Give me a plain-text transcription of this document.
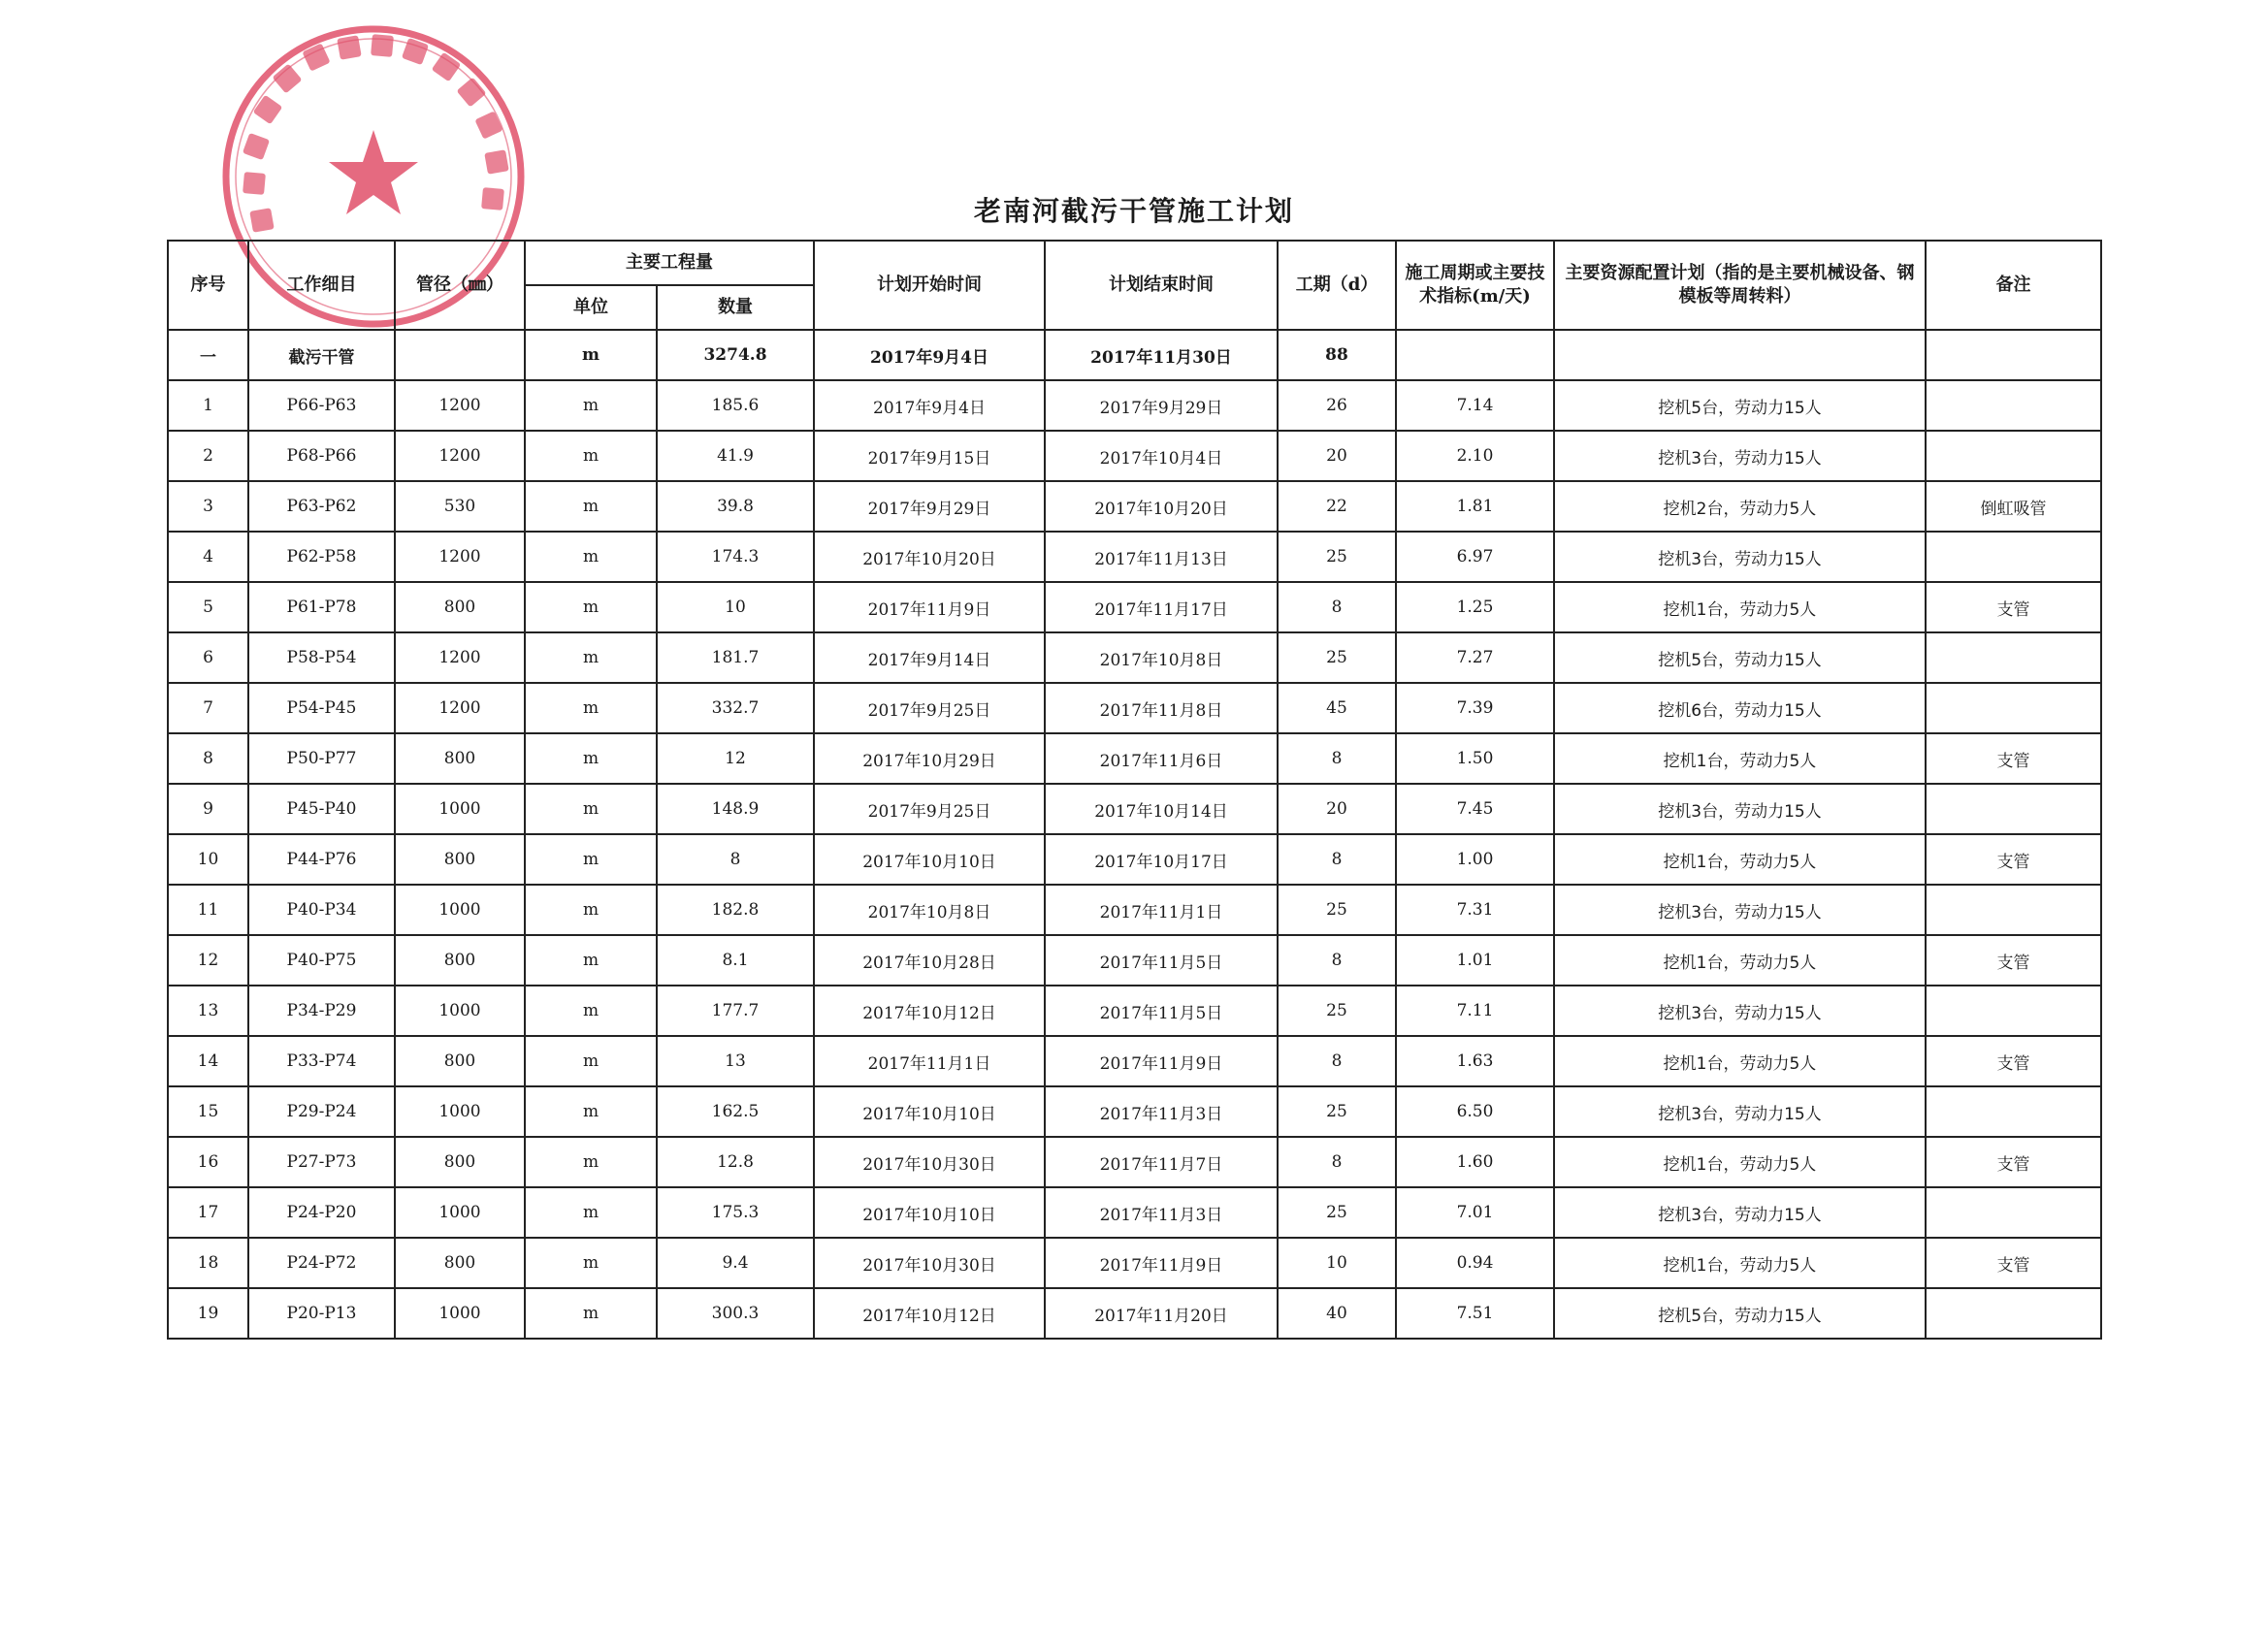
老南河截污干管施工计划
序号	工作细目	管径（㎜）	主要工程量		计划开始时间	计划结束时间	工期（d）	施工周期或主要技术指标(m/天)	主要资源配置计划（指的是主要机械设备、钢模板等周转料）	备注
			单位	数量						
一	截污干管		m	3274.8	2017年9月4日	2017年11月30日	88			
1	P66-P63	1200	m	185.6	2017年9月4日	2017年9月29日	26	7.14	挖机5台，劳动力15人	
2	P68-P66	1200	m	41.9	2017年9月15日	2017年10月4日	20	2.10	挖机3台，劳动力15人	
3	P63-P62	530	m	39.8	2017年9月29日	2017年10月20日	22	1.81	挖机2台，劳动力5人	倒虹吸管
4	P62-P58	1200	m	174.3	2017年10月20日	2017年11月13日	25	6.97	挖机3台，劳动力15人	
5	P61-P78	800	m	10	2017年11月9日	2017年11月17日	8	1.25	挖机1台，劳动力5人	支管
6	P58-P54	1200	m	181.7	2017年9月14日	2017年10月8日	25	7.27	挖机5台，劳动力15人	
7	P54-P45	1200	m	332.7	2017年9月25日	2017年11月8日	45	7.39	挖机6台，劳动力15人	
8	P50-P77	800	m	12	2017年10月29日	2017年11月6日	8	1.50	挖机1台，劳动力5人	支管
9	P45-P40	1000	m	148.9	2017年9月25日	2017年10月14日	20	7.45	挖机3台，劳动力15人	
10	P44-P76	800	m	8	2017年10月10日	2017年10月17日	8	1.00	挖机1台，劳动力5人	支管
11	P40-P34	1000	m	182.8	2017年10月8日	2017年11月1日	25	7.31	挖机3台，劳动力15人	
12	P40-P75	800	m	8.1	2017年10月28日	2017年11月5日	8	1.01	挖机1台，劳动力5人	支管
13	P34-P29	1000	m	177.7	2017年10月12日	2017年11月5日	25	7.11	挖机3台，劳动力15人	
14	P33-P74	800	m	13	2017年11月1日	2017年11月9日	8	1.63	挖机1台，劳动力5人	支管
15	P29-P24	1000	m	162.5	2017年10月10日	2017年11月3日	25	6.50	挖机3台，劳动力15人	
16	P27-P73	800	m	12.8	2017年10月30日	2017年11月7日	8	1.60	挖机1台，劳动力5人	支管
17	P24-P20	1000	m	175.3	2017年10月10日	2017年11月3日	25	7.01	挖机3台，劳动力15人	
18	P24-P72	800	m	9.4	2017年10月30日	2017年11月9日	10	0.94	挖机1台，劳动力5人	支管
19	P20-P13	1000	m	300.3	2017年10月12日	2017年11月20日	40	7.51	挖机5台，劳动力15人	
